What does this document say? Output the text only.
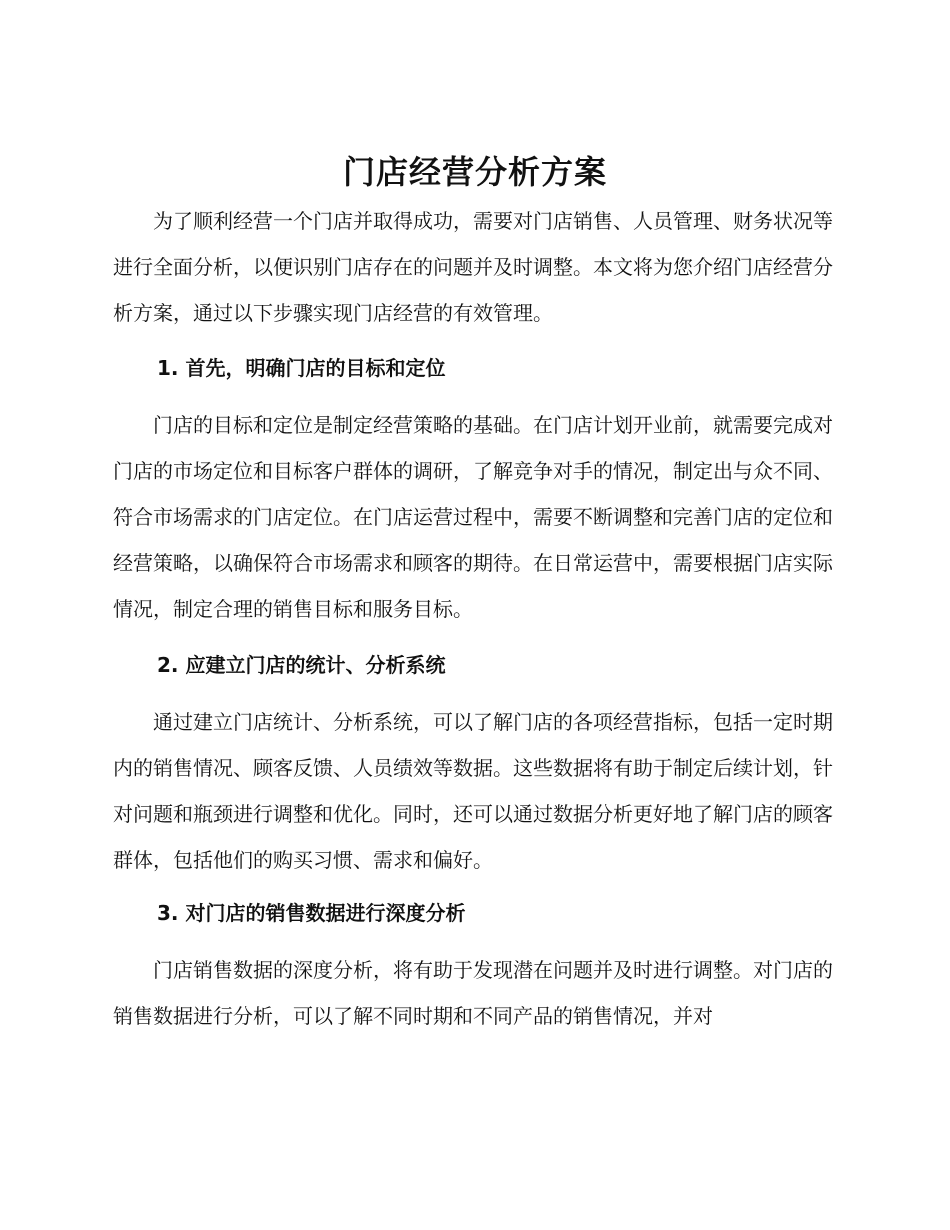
门店经营分析方案

为了顺利经营一个门店并取得成功，需要对门店销售、人员管理、财务状况等进行全面分析，以便识别门店存在的问题并及时调整。本文将为您介绍门店经营分析方案，通过以下步骤实现门店经营的有效管理。

1. 首先，明确门店的目标和定位

门店的目标和定位是制定经营策略的基础。在门店计划开业前，就需要完成对门店的市场定位和目标客户群体的调研，了解竞争对手的情况，制定出与众不同、符合市场需求的门店定位。在门店运营过程中，需要不断调整和完善门店的定位和经营策略，以确保符合市场需求和顾客的期待。在日常运营中，需要根据门店实际情况，制定合理的销售目标和服务目标。

2. 应建立门店的统计、分析系统

通过建立门店统计、分析系统，可以了解门店的各项经营指标，包括一定时期内的销售情况、顾客反馈、人员绩效等数据。这些数据将有助于制定后续计划，针对问题和瓶颈进行调整和优化。同时，还可以通过数据分析更好地了解门店的顾客群体，包括他们的购买习惯、需求和偏好。

3. 对门店的销售数据进行深度分析

门店销售数据的深度分析，将有助于发现潜在问题并及时进行调整。对门店的销售数据进行分析，可以了解不同时期和不同产品的销售情况，并对
